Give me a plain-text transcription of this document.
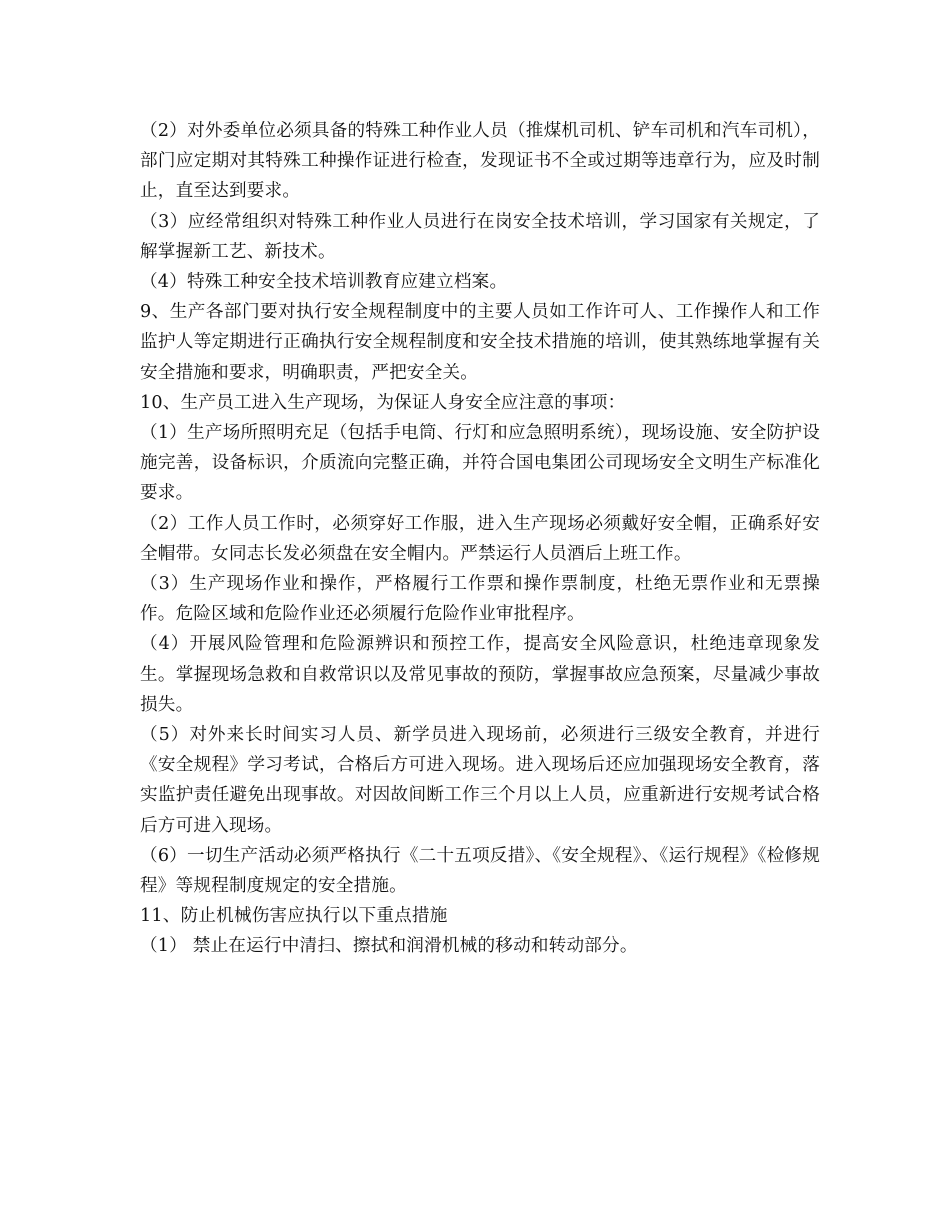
（2）对外委单位必须具备的特殊工种作业人员（推煤机司机、铲车司机和汽车司机），部门应定期对其特殊工种操作证进行检查，发现证书不全或过期等违章行为，应及时制止，直至达到要求。

（3）应经常组织对特殊工种作业人员进行在岗安全技术培训，学习国家有关规定，了解掌握新工艺、新技术。

（4）特殊工种安全技术培训教育应建立档案。

9、生产各部门要对执行安全规程制度中的主要人员如工作许可人、工作操作人和工作监护人等定期进行正确执行安全规程制度和安全技术措施的培训，使其熟练地掌握有关安全措施和要求，明确职责，严把安全关。

10、生产员工进入生产现场，为保证人身安全应注意的事项：

（1）生产场所照明充足（包括手电筒、行灯和应急照明系统），现场设施、安全防护设施完善，设备标识，介质流向完整正确，并符合国电集团公司现场安全文明生产标准化要求。

（2）工作人员工作时，必须穿好工作服，进入生产现场必须戴好安全帽，正确系好安全帽带。女同志长发必须盘在安全帽内。严禁运行人员酒后上班工作。

（3）生产现场作业和操作，严格履行工作票和操作票制度，杜绝无票作业和无票操作。危险区域和危险作业还必须履行危险作业审批程序。

（4）开展风险管理和危险源辨识和预控工作，提高安全风险意识，杜绝违章现象发生。掌握现场急救和自救常识以及常见事故的预防，掌握事故应急预案，尽量减少事故损失。

（5）对外来长时间实习人员、新学员进入现场前，必须进行三级安全教育，并进行《安全规程》学习考试，合格后方可进入现场。进入现场后还应加强现场安全教育，落实监护责任避免出现事故。对因故间断工作三个月以上人员，应重新进行安规考试合格后方可进入现场。

（6）一切生产活动必须严格执行《二十五项反措》、《安全规程》、《运行规程》《检修规程》等规程制度规定的安全措施。

11、防止机械伤害应执行以下重点措施

（1） 禁止在运行中清扫、擦拭和润滑机械的移动和转动部分。
